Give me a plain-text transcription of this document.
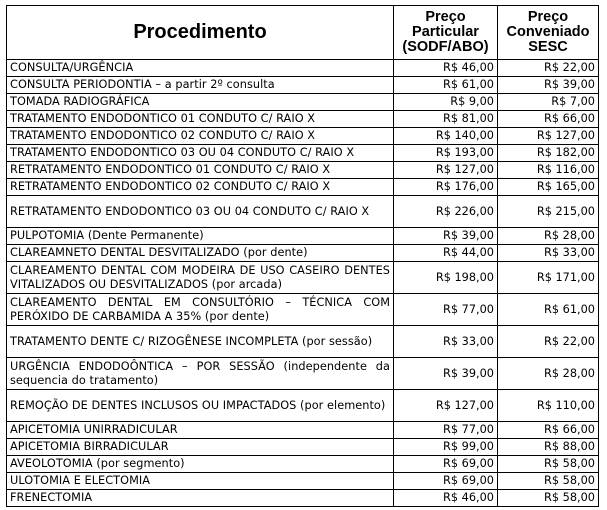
Procedimento	Preço Particular (SODF/ABO)	Preço Conveniado SESC
CONSULTA/URGÊNCIA	R$ 46,00	R$ 22,00
CONSULTA PERIODONTIA – a partir 2º consulta	R$ 61,00	R$ 39,00
TOMADA RADIOGRÁFICA	R$ 9,00	R$ 7,00
TRATAMENTO ENDODONTICO 01 CONDUTO C/ RAIO X	R$ 81,00	R$ 66,00
TRATAMENTO ENDODONTICO 02 CONDUTO C/ RAIO X	R$ 140,00	R$ 127,00
TRATAMENTO ENDODONTICO 03 OU 04 CONDUTO C/ RAIO X	R$ 193,00	R$ 182,00
RETRATAMENTO ENDODONTICO 01 CONDUTO C/ RAIO X	R$ 127,00	R$ 116,00
RETRATAMENTO ENDODONTICO 02 CONDUTO C/ RAIO X	R$ 176,00	R$ 165,00
RETRATAMENTO ENDODONTICO 03 OU 04 CONDUTO C/ RAIO X	R$ 226,00	R$ 215,00
PULPOTOMIA (Dente Permanente)	R$ 39,00	R$ 28,00
CLAREAMNETO DENTAL DESVITALIZADO (por dente)	R$ 44,00	R$ 33,00
CLAREAMENTO DENTAL COM MODEIRA DE USO CASEIRO DENTES VITALIZADOS OU DESVITALIZADOS (por arcada)	R$ 198,00	R$ 171,00
CLAREAMENTO DENTAL EM CONSULTÓRIO – TÉCNICA COM PERÓXIDO DE CARBAMIDA A 35% (por dente)	R$ 77,00	R$ 61,00
TRATAMENTO DENTE C/ RIZOGÊNESE INCOMPLETA (por sessão)	R$ 33,00	R$ 22,00
URGÊNCIA ENDODOÔNTICA – POR SESSÃO (independente da sequencia do tratamento)	R$ 39,00	R$ 28,00
REMOÇÃO DE DENTES INCLUSOS OU IMPACTADOS (por elemento)	R$ 127,00	R$ 110,00
APICETOMIA UNIRRADICULAR	R$ 77,00	R$ 66,00
APICETOMIA BIRRADICULAR	R$ 99,00	R$ 88,00
AVEOLOTOMIA (por segmento)	R$ 69,00	R$ 58,00
ULOTOMIA E ELECTOMIA	R$ 69,00	R$ 58,00
FRENECTOMIA	R$ 46,00	R$ 58,00
